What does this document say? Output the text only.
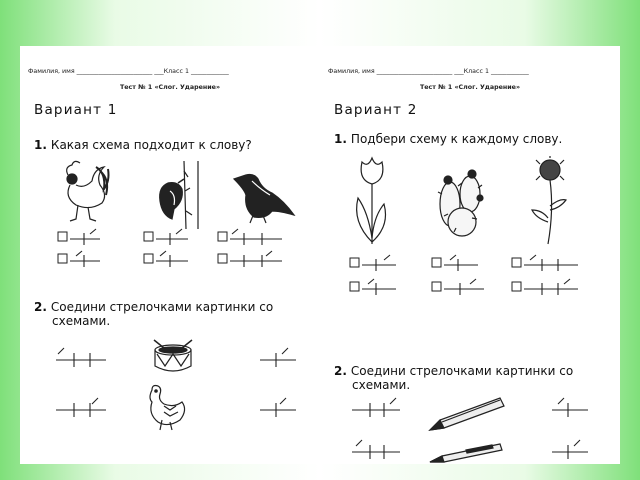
Фамилия, имя ________________________ ___Класс 1 ____________
Тест № 1 «Слог. Ударение»
Вариант 1
1. Какая схема подходит к слову?
2. Соедини стрелочками картинки со
схемами.
Фамилия, имя ________________________ ___Класс 1 ____________
Тест № 1 «Слог. Ударение»
Вариант 2
1. Подбери схему к каждому слову.
2. Соедини стрелочками картинки со
схемами.
